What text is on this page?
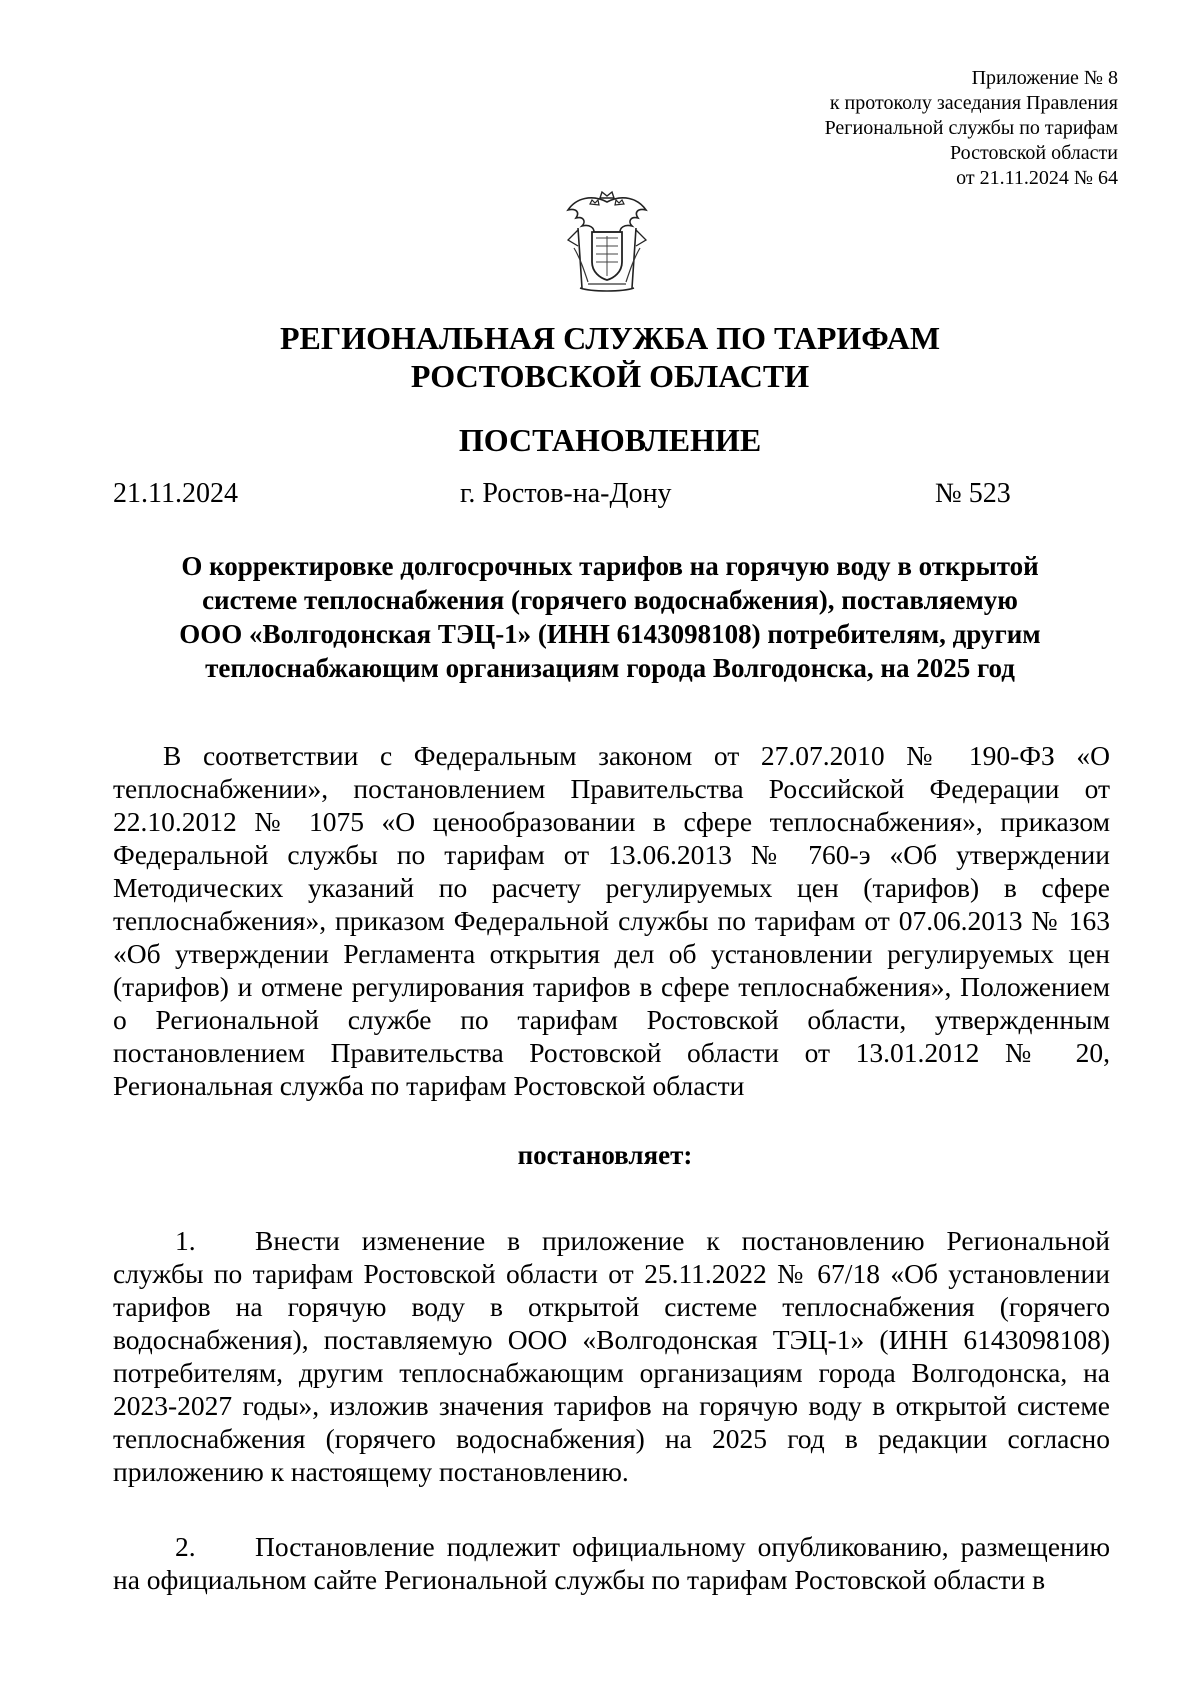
Приложение № 8
к протоколу заседания Правления
Региональной службы по тарифам
Ростовской области
от 21.11.2024 № 64
РЕГИОНАЛЬНАЯ СЛУЖБА ПО ТАРИФАМ
РОСТОВСКОЙ ОБЛАСТИ
ПОСТАНОВЛЕНИЕ
21.11.2024	г. Ростов-на-Дону	№ 523
О корректировке долгосрочных тарифов на горячую воду в открытой
системе теплоснабжения (горячего водоснабжения), поставляемую
ООО «Волгодонская ТЭЦ-1» (ИНН 6143098108) потребителям, другим
теплоснабжающим организациям города Волгодонска, на 2025 год
В соответствии с Федеральным законом от 27.07.2010 № 190-ФЗ «О теплоснабжении», постановлением Правительства Российской Федерации от 22.10.2012 № 1075 «О ценообразовании в сфере теплоснабжения», приказом Федеральной службы по тарифам от 13.06.2013 № 760-э «Об утверждении Методических указаний по расчету регулируемых цен (тарифов) в сфере теплоснабжения», приказом Федеральной службы по тарифам от 07.06.2013 № 163 «Об утверждении Регламента открытия дел об установлении регулируемых цен (тарифов) и отмене регулирования тарифов в сфере теплоснабжения», Положением о Региональной службе по тарифам Ростовской области, утвержденным постановлением Правительства Ростовской области от 13.01.2012 № 20, Региональная служба по тарифам Ростовской области
постановляет:
1. Внести изменение в приложение к постановлению Региональной службы по тарифам Ростовской области от 25.11.2022 № 67/18 «Об установлении тарифов на горячую воду в открытой системе теплоснабжения (горячего водоснабжения), поставляемую ООО «Волгодонская ТЭЦ-1» (ИНН 6143098108) потребителям, другим теплоснабжающим организациям города Волгодонска, на 2023-2027 годы», изложив значения тарифов на горячую воду в открытой системе теплоснабжения (горячего водоснабжения) на 2025 год в редакции согласно приложению к настоящему постановлению.
2. Постановление подлежит официальному опубликованию, размещению на официальном сайте Региональной службы по тарифам Ростовской области в
